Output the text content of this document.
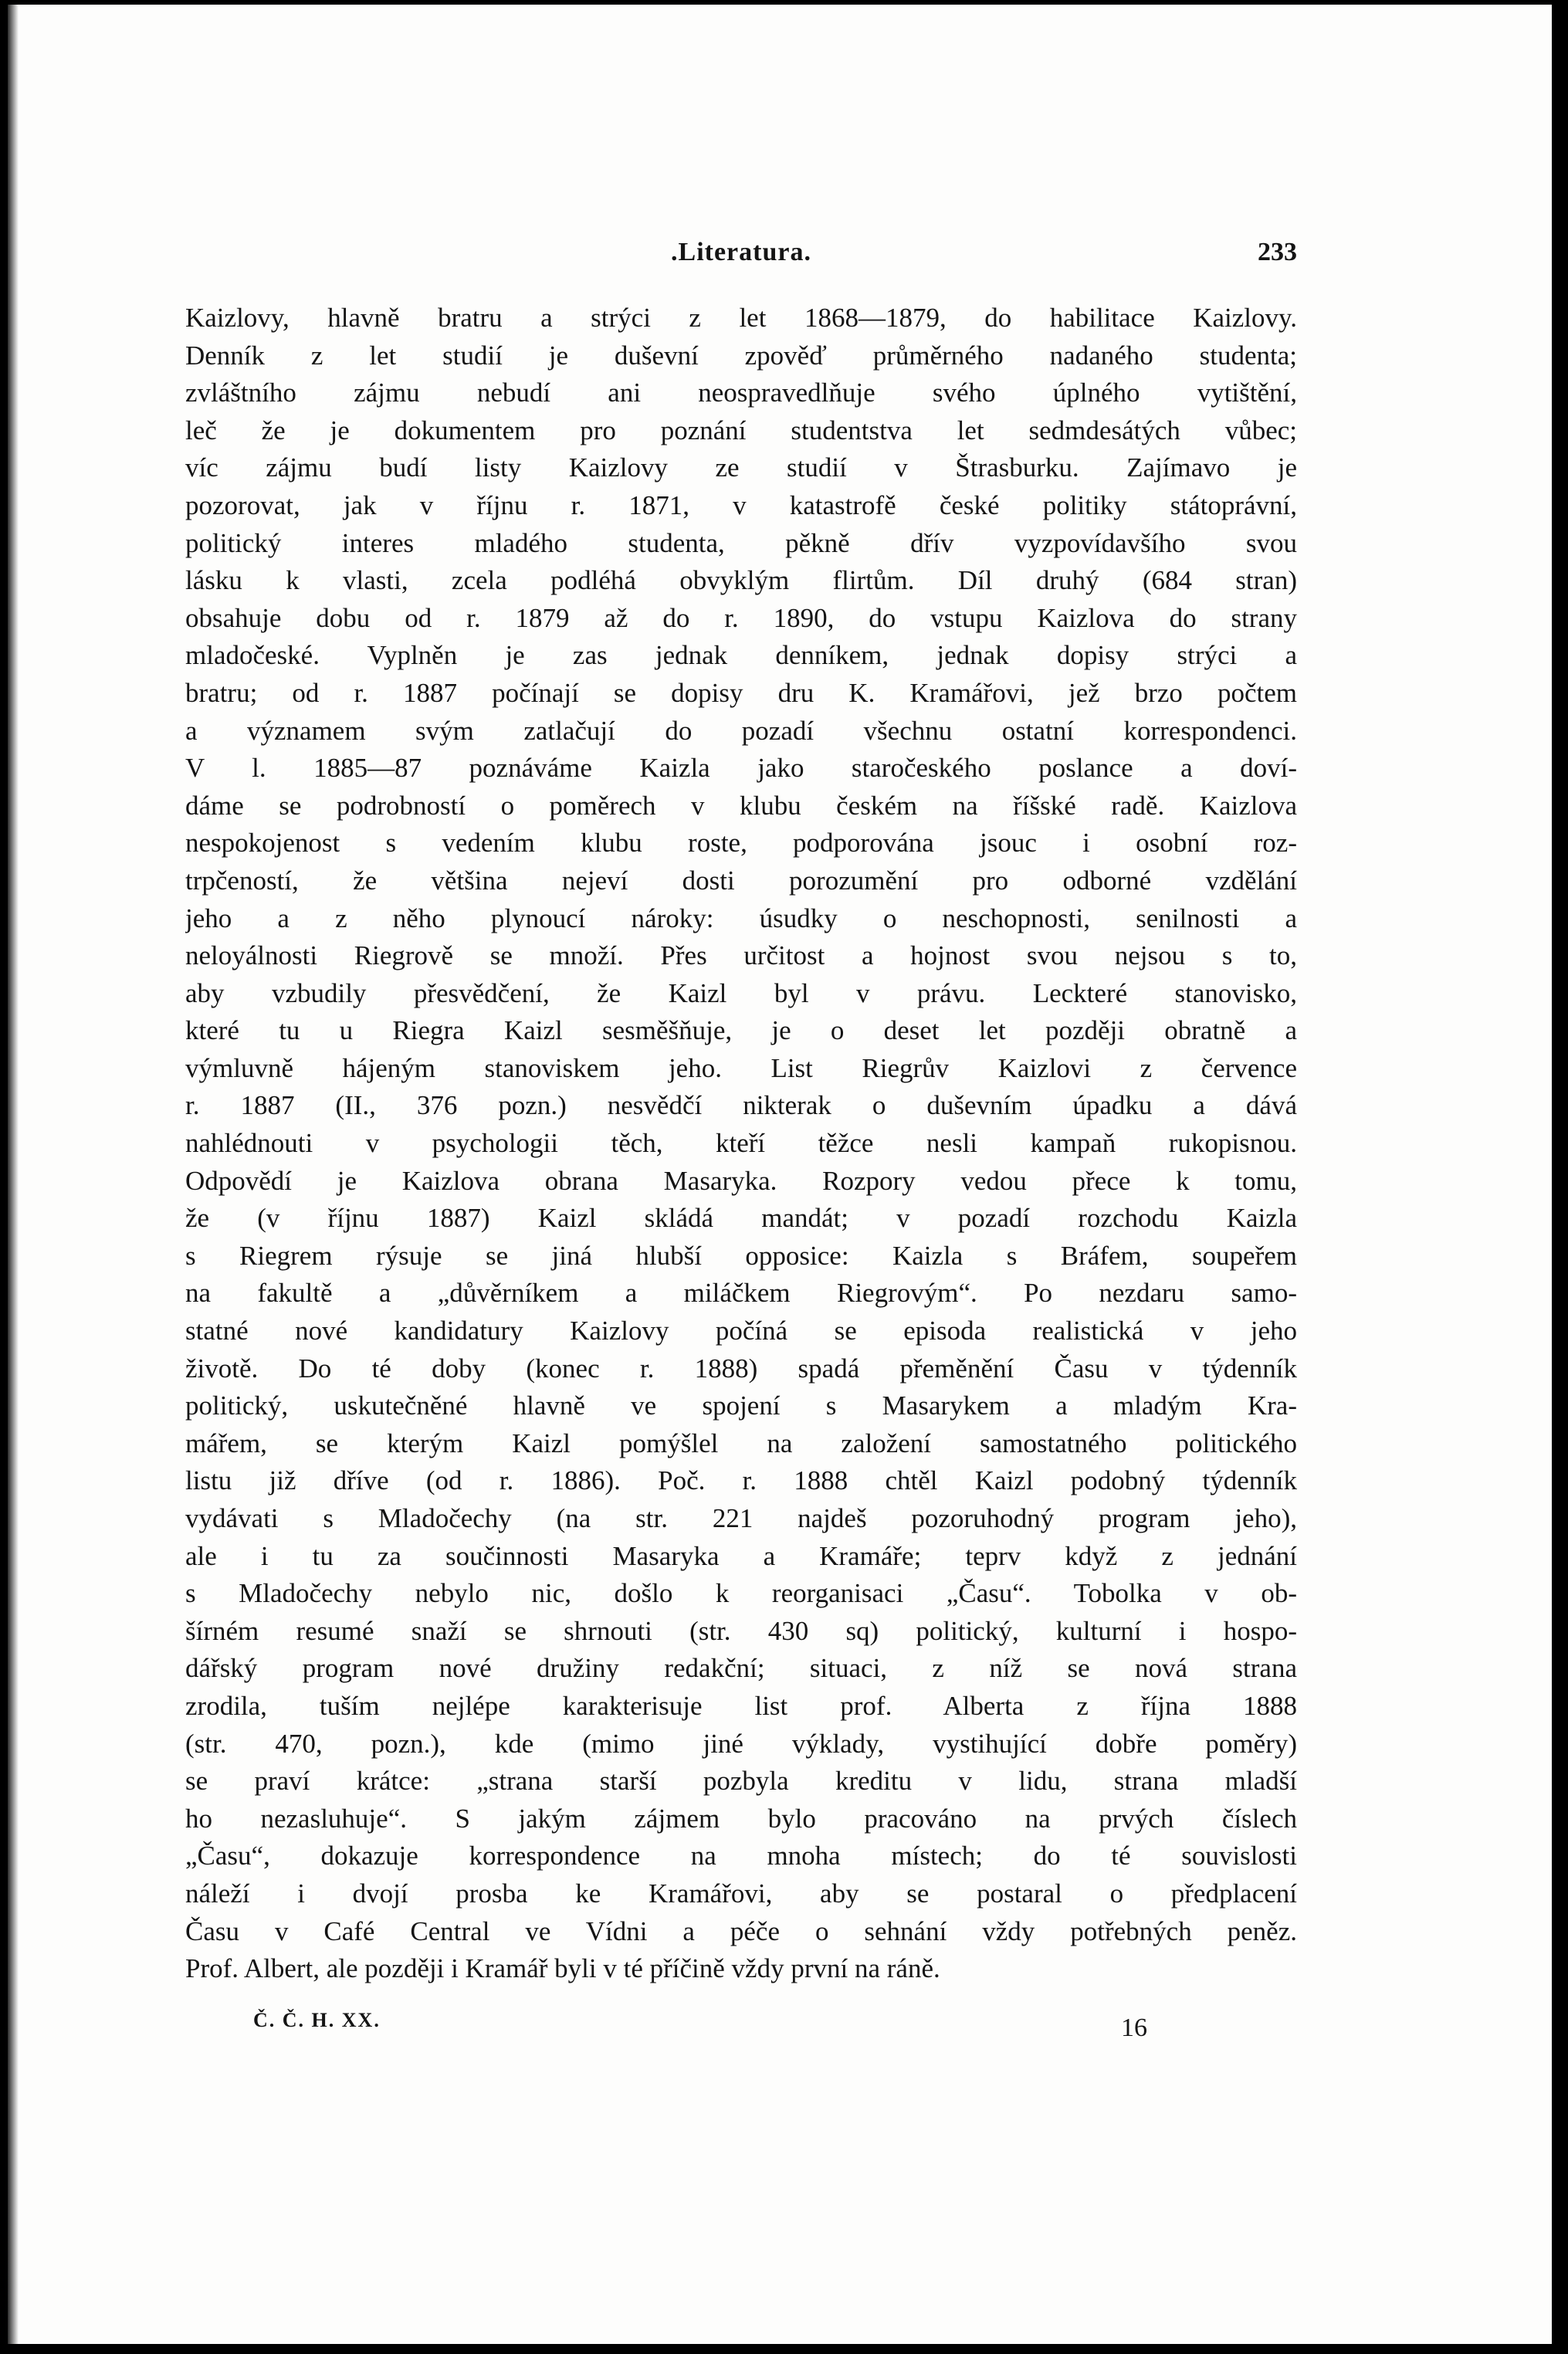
.Literatura.	233
Kaizlovy, hlavně bratru a strýci z let 1868—1879, do habilitace Kaizlovy.
Denník z let studií je duševní zpověď průměrného nadaného studenta;
zvláštního zájmu nebudí ani neospravedlňuje svého úplného vytištění,
leč že je dokumentem pro poznání studentstva let sedmdesátých vůbec;
víc zájmu budí listy Kaizlovy ze studií v Štrasburku. Zajímavo je
pozorovat, jak v říjnu r. 1871, v katastrofě české politiky státoprávní,
politický interes mladého studenta, pěkně dřív vyzpovídavšího svou
lásku k vlasti, zcela podléhá obvyklým flirtům. Díl druhý (684 stran)
obsahuje dobu od r. 1879 až do r. 1890, do vstupu Kaizlova do strany
mladočeské. Vyplněn je zas jednak denníkem, jednak dopisy strýci a
bratru; od r. 1887 počínají se dopisy dru K. Kramářovi, jež brzo počtem
a významem svým zatlačují do pozadí všechnu ostatní korrespondenci.
V l. 1885—87 poznáváme Kaizla jako staročeského poslance a doví-
dáme se podrobností o poměrech v klubu českém na říšské radě. Kaizlova
nespokojenost s vedením klubu roste, podporována jsouc i osobní roz-
trpčeností, že většina nejeví dosti porozumění pro odborné vzdělání
jeho a z něho plynoucí nároky: úsudky o neschopnosti, senilnosti a
neloyálnosti Riegrově se množí. Přes určitost a hojnost svou nejsou s to,
aby vzbudily přesvědčení, že Kaizl byl v právu. Leckteré stanovisko,
které tu u Riegra Kaizl sesměšňuje, je o deset let později obratně a
výmluvně hájeným stanoviskem jeho. List Riegrův Kaizlovi z července
r. 1887 (II., 376 pozn.) nesvědčí nikterak o duševním úpadku a dává
nahlédnouti v psychologii těch, kteří těžce nesli kampaň rukopisnou.
Odpovědí je Kaizlova obrana Masaryka. Rozpory vedou přece k tomu,
že (v říjnu 1887) Kaizl skládá mandát; v pozadí rozchodu Kaizla
s Riegrem rýsuje se jiná hlubší opposice: Kaizla s Bráfem, soupeřem
na fakultě a „důvěrníkem a miláčkem Riegrovým“. Po nezdaru samo-
statné nové kandidatury Kaizlovy počíná se episoda realistická v jeho
životě. Do té doby (konec r. 1888) spadá přeměnění Času v týdenník
politický, uskutečněné hlavně ve spojení s Masarykem a mladým Kra-
mářem, se kterým Kaizl pomýšlel na založení samostatného politického
listu již dříve (od r. 1886). Poč. r. 1888 chtěl Kaizl podobný týdenník
vydávati s Mladočechy (na str. 221 najdeš pozoruhodný program jeho),
ale i tu za součinnosti Masaryka a Kramáře; teprv když z jednání
s Mladočechy nebylo nic, došlo k reorganisaci „Času“. Tobolka v ob-
šírném resumé snaží se shrnouti (str. 430 sq) politický, kulturní i hospo-
dářský program nové družiny redakční; situaci, z níž se nová strana
zrodila, tuším nejlépe karakterisuje list prof. Alberta z října 1888
(str. 470, pozn.), kde (mimo jiné výklady, vystihující dobře poměry)
se praví krátce: „strana starší pozbyla kreditu v lidu, strana mladší
ho nezasluhuje“. S jakým zájmem bylo pracováno na prvých číslech
„Času“, dokazuje korrespondence na mnoha místech; do té souvislosti
náleží i dvojí prosba ke Kramářovi, aby se postaral o předplacení
Času v Café Central ve Vídni a péče o sehnání vždy potřebných peněz.
Prof. Albert, ale později i Kramář byli v té příčině vždy první na ráně.
Č. Č. H. XX.	16
